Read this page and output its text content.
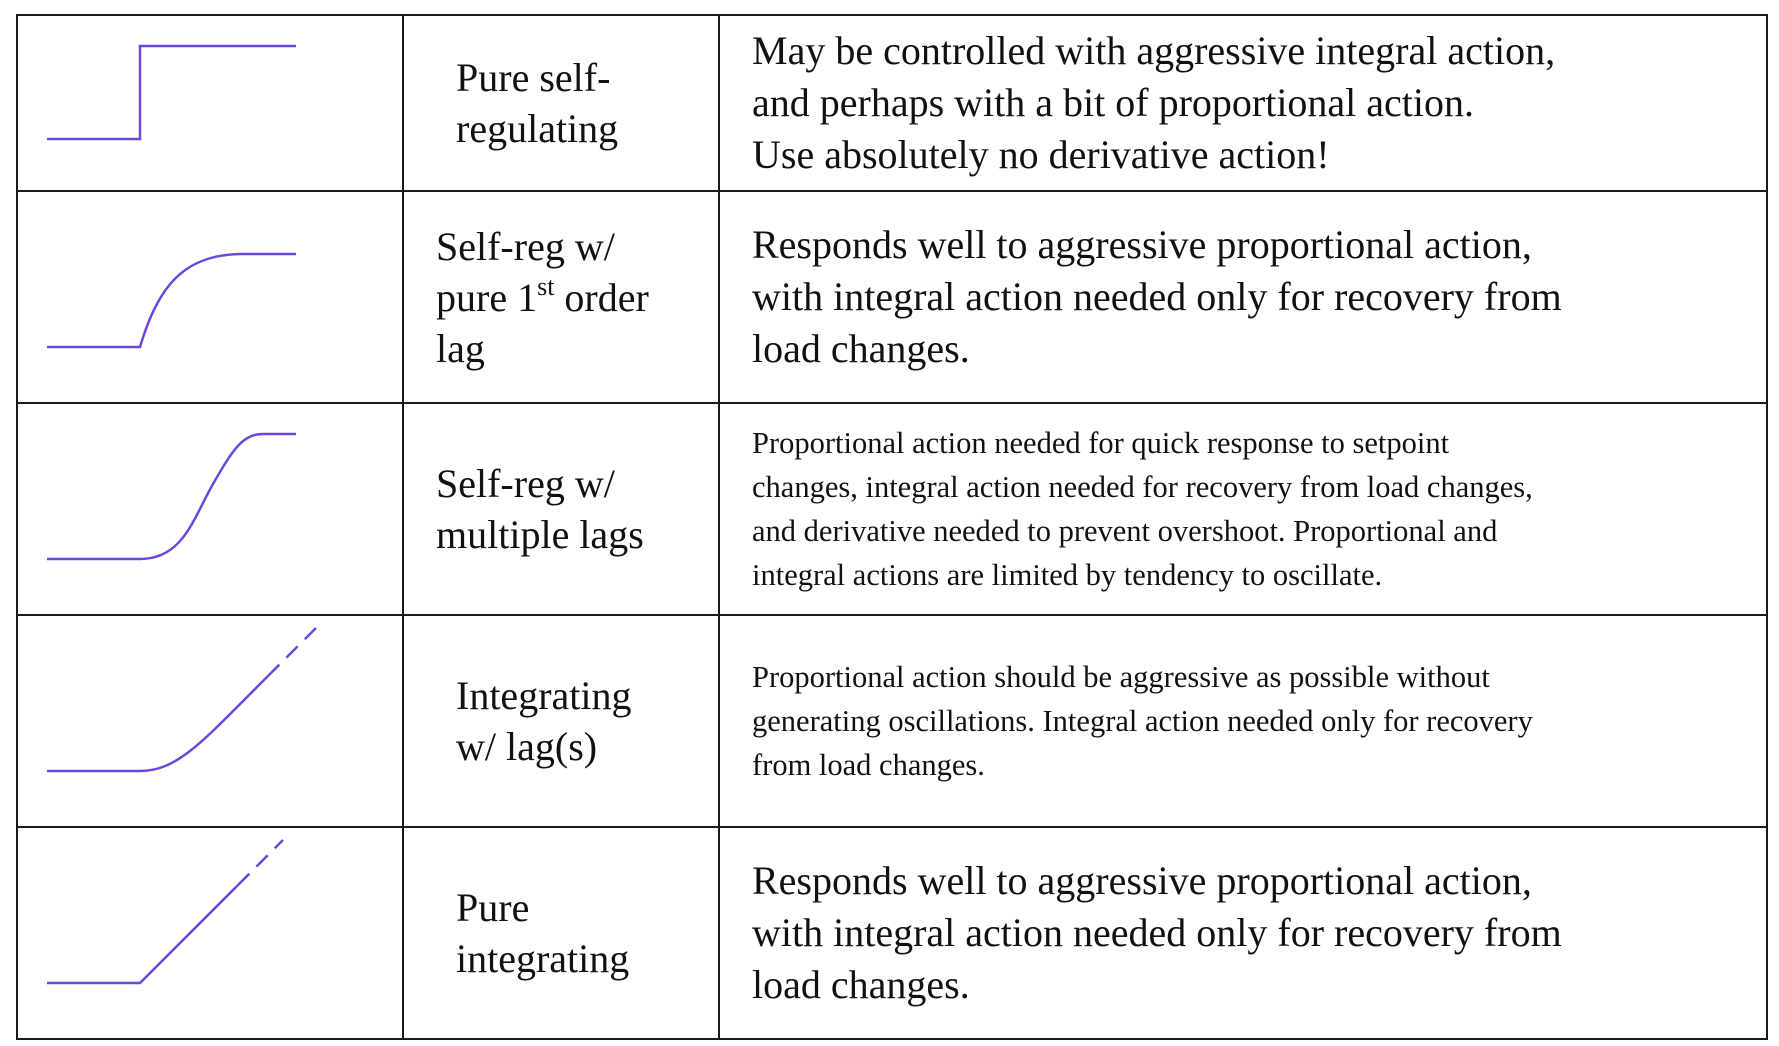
Pure self-
regulating	May be controlled with aggressive integral action,
and perhaps with a bit of proportional action.
Use absolutely no derivative action!

Self-reg w/
pure 1st order
lag	Responds well to aggressive proportional action,
with integral action needed only for recovery from
load changes.

Self-reg w/
multiple lags	Proportional action needed for quick response to setpoint
changes, integral action needed for recovery from load changes,
and derivative needed to prevent overshoot. Proportional and
integral actions are limited by tendency to oscillate.

Integrating
w/ lag(s)	Proportional action should be aggressive as possible without
generating oscillations. Integral action needed only for recovery
from load changes.

Pure
integrating	Responds well to aggressive proportional action,
with integral action needed only for recovery from
load changes.
